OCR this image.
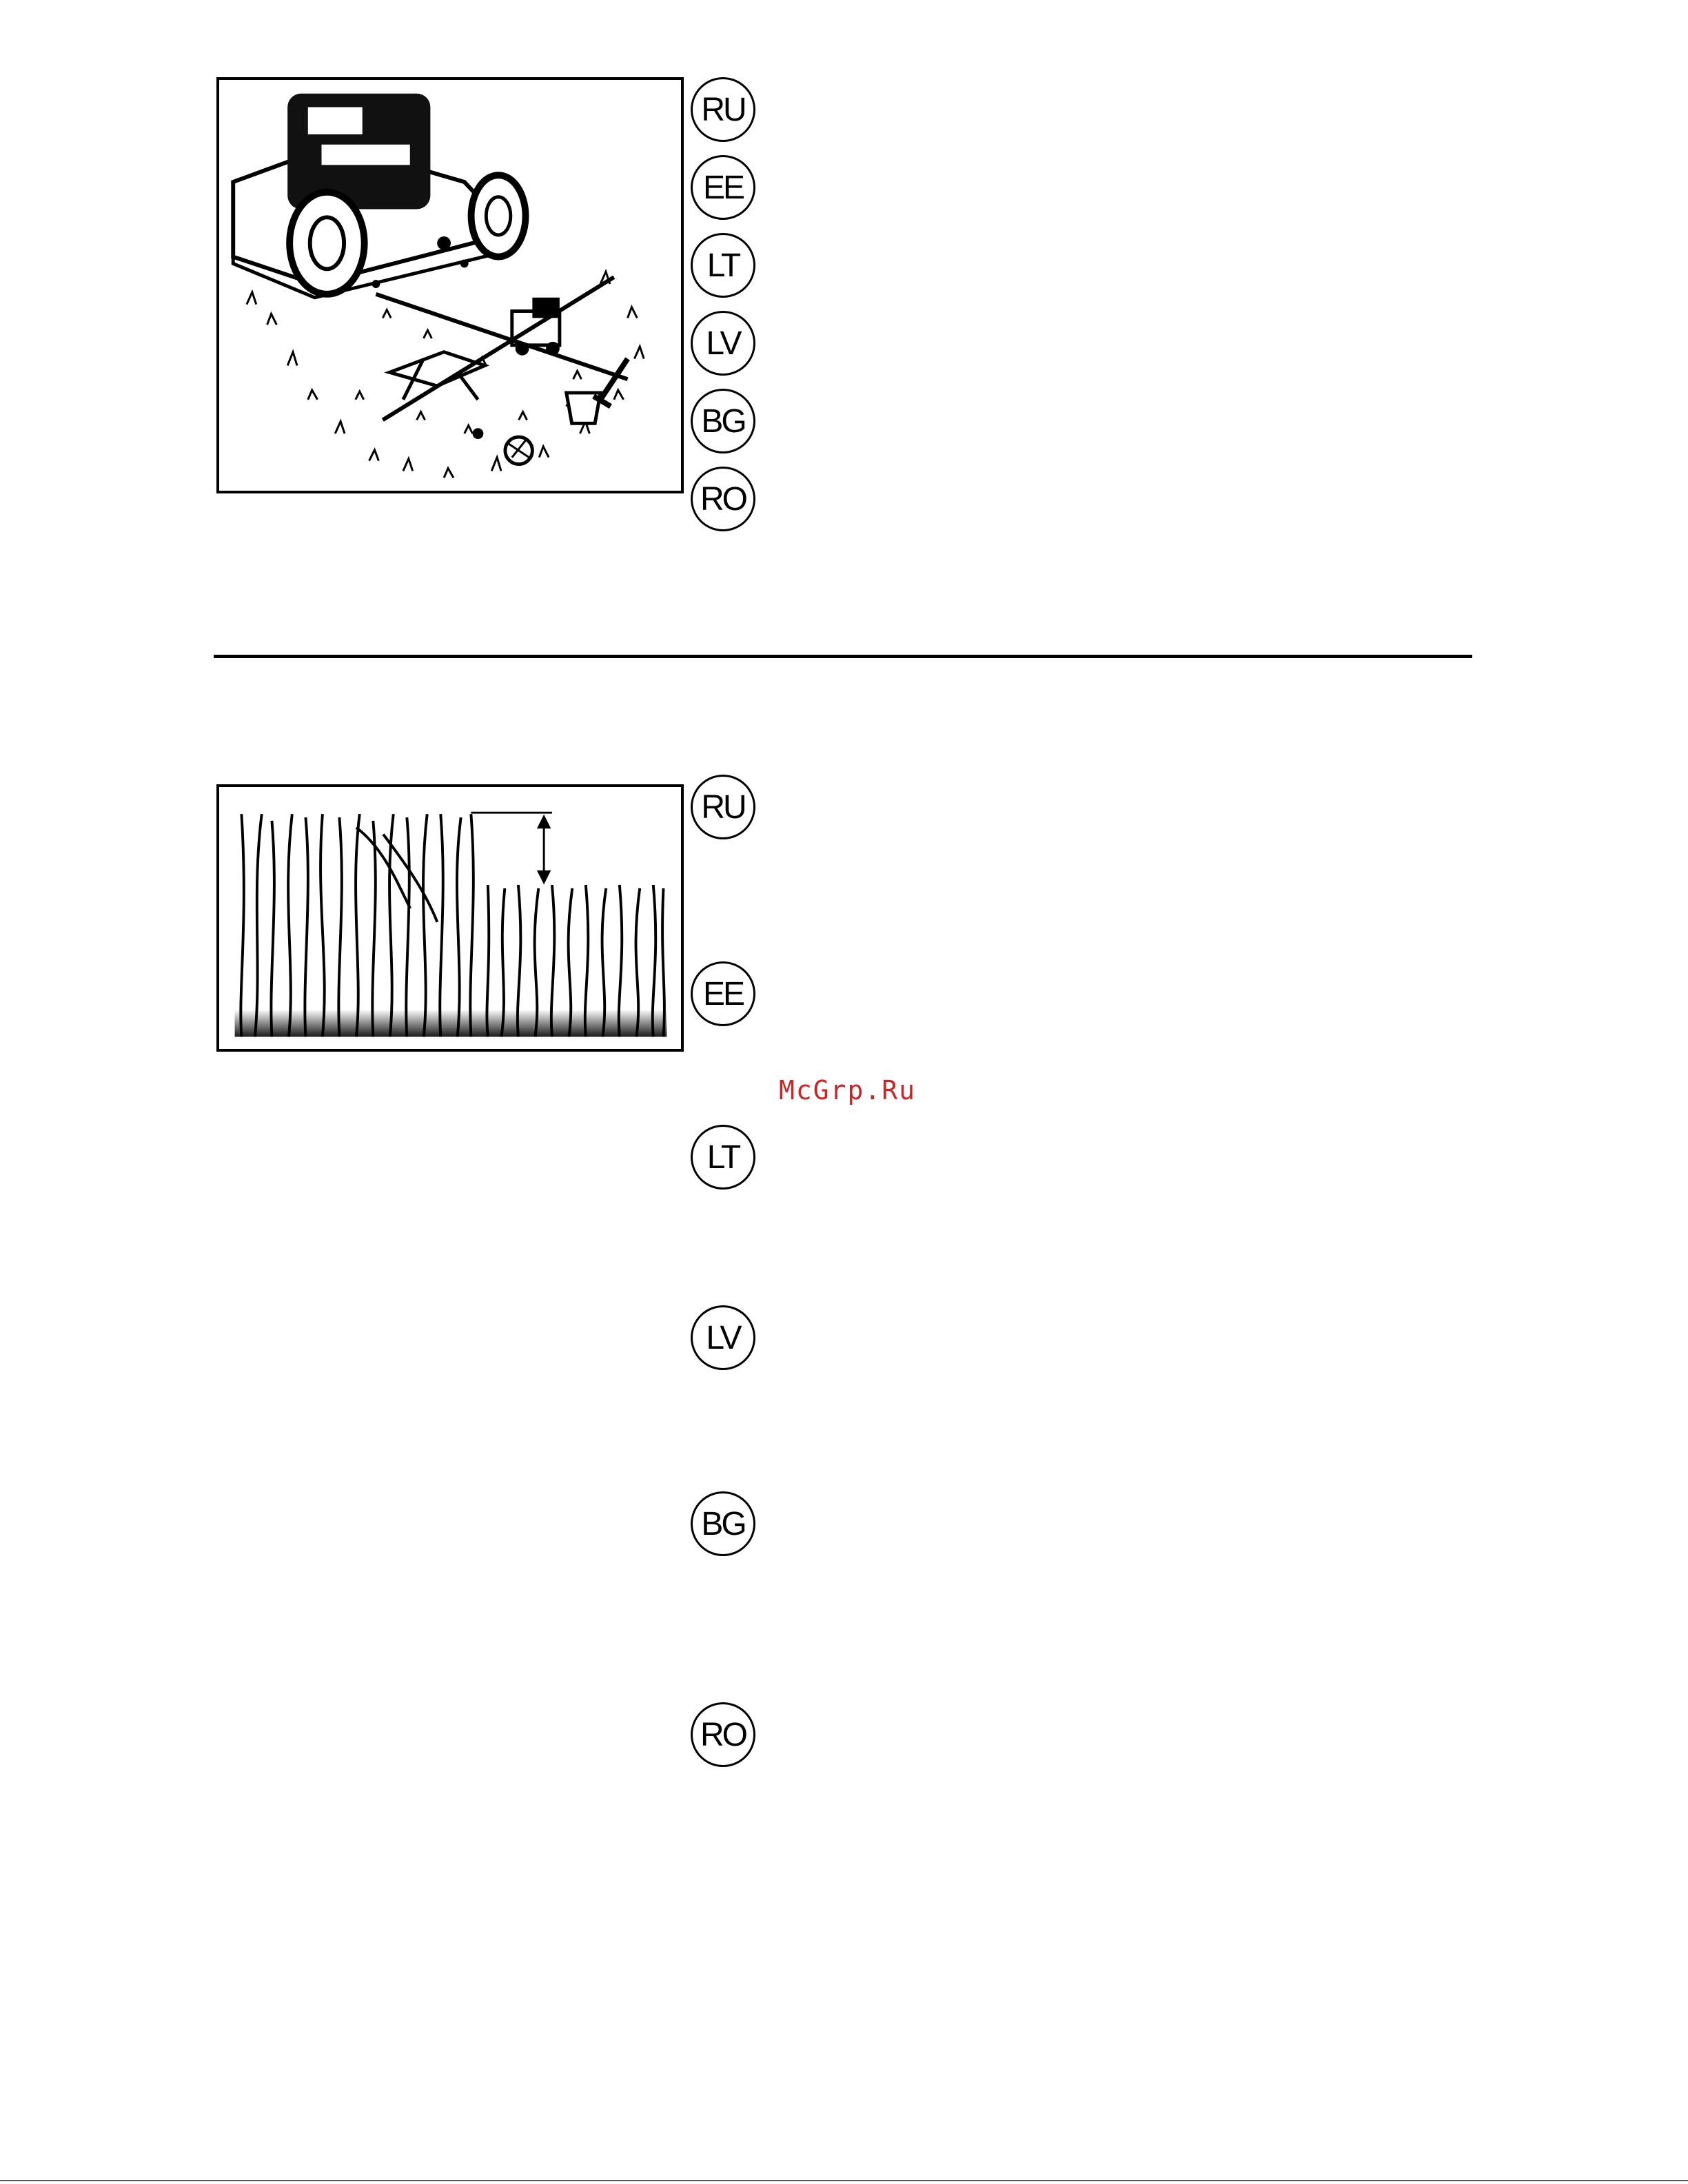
RU
EE
LT
LV
BG
RO
RU
EE
LT
LV
BG
RO
McGrp.Ru
